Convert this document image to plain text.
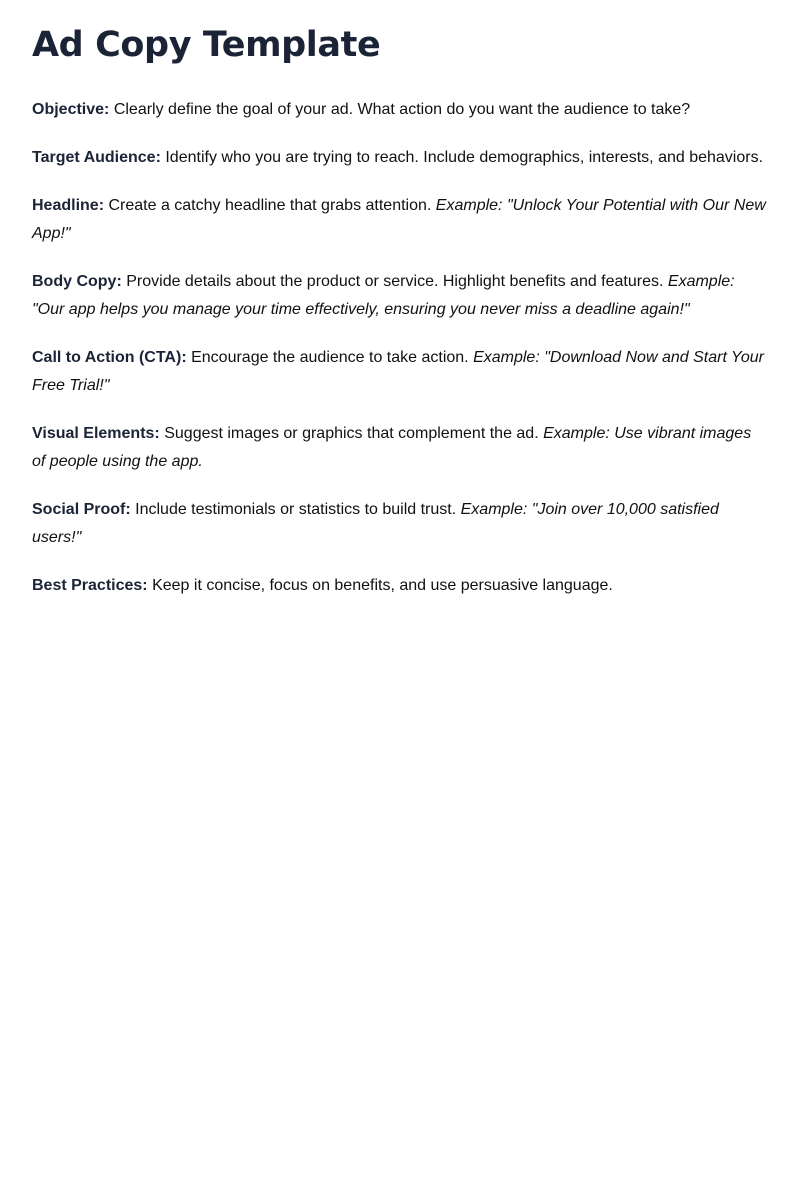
Ad Copy Template

Objective: Clearly define the goal of your ad. What action do you want the audience to take?

Target Audience: Identify who you are trying to reach. Include demographics, interests, and behaviors.

Headline: Create a catchy headline that grabs attention. Example: "Unlock Your Potential with Our New App!"

Body Copy: Provide details about the product or service. Highlight benefits and features. Example: "Our app helps you manage your time effectively, ensuring you never miss a deadline again!"

Call to Action (CTA): Encourage the audience to take action. Example: "Download Now and Start Your Free Trial!"

Visual Elements: Suggest images or graphics that complement the ad. Example: Use vibrant images of people using the app.

Social Proof: Include testimonials or statistics to build trust. Example: "Join over 10,000 satisfied users!"

Best Practices: Keep it concise, focus on benefits, and use persuasive language.
